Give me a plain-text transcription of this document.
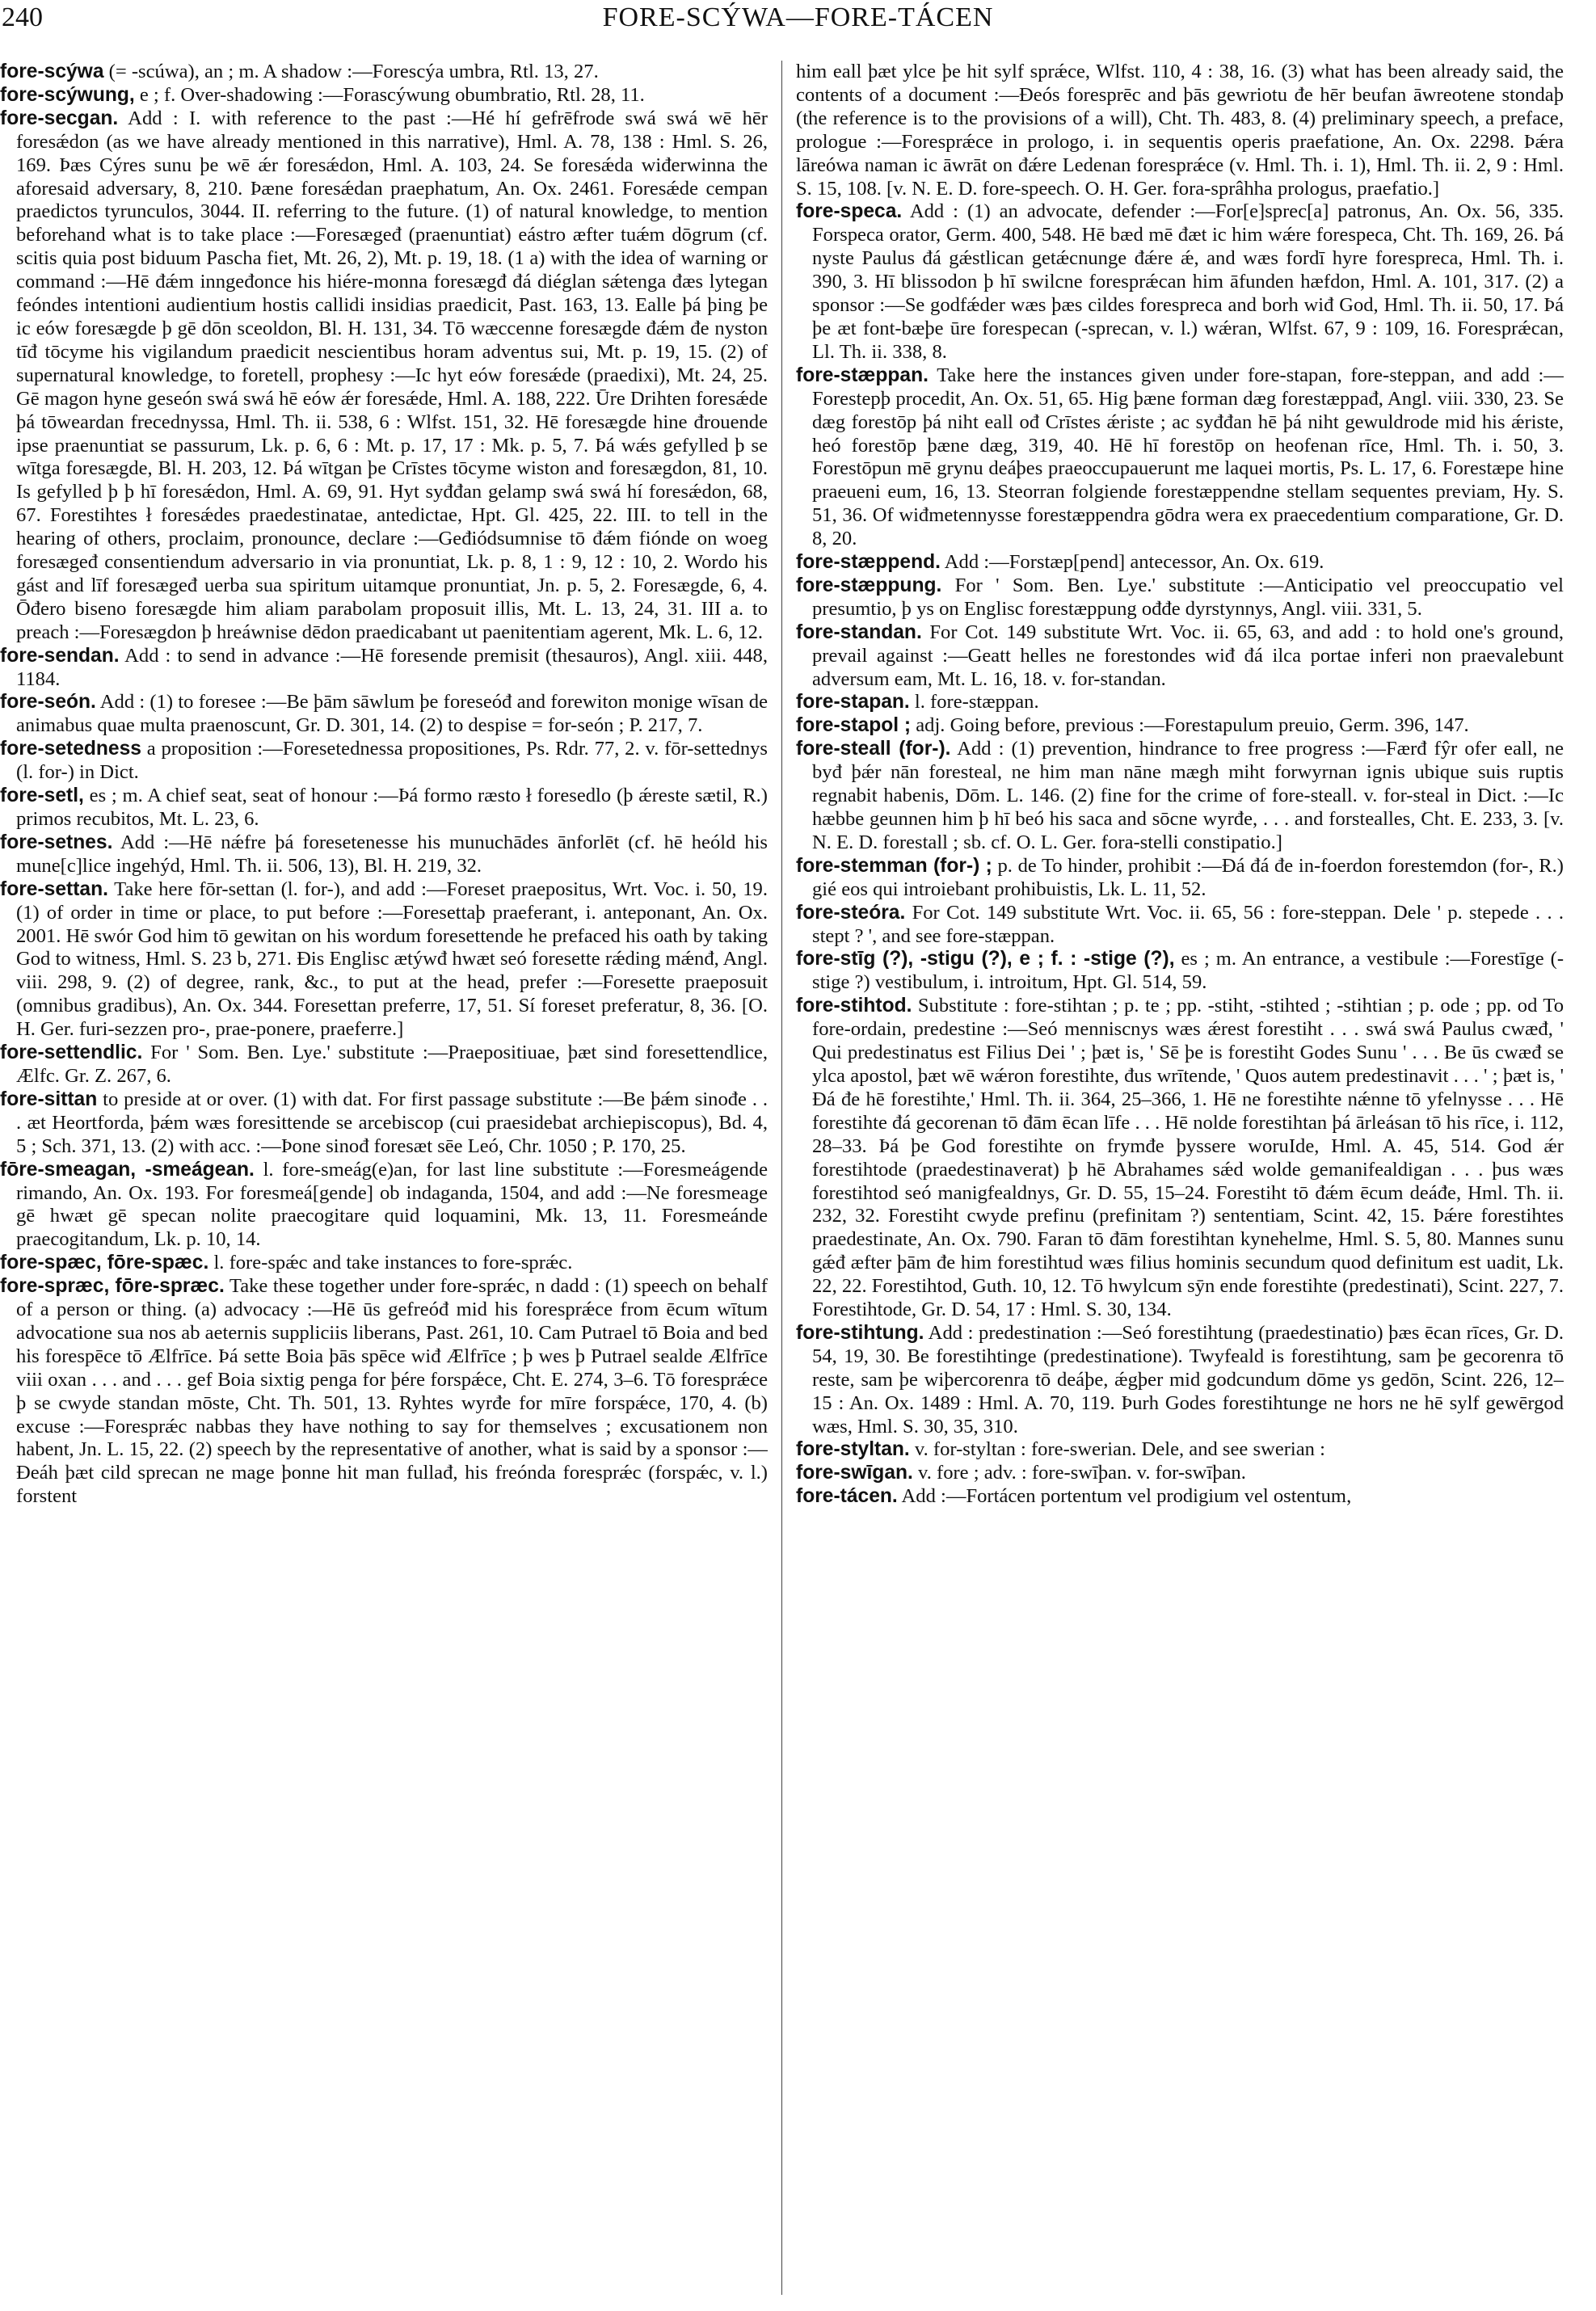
240	FORE-SCÝWA—FORE-TÁCEN

fore-scýwa (= -scúwa), an ; m. A shadow :—Forescýa umbra, Rtl. 13, 27.

fore-scýwung, e ; f. Over-shadowing :—Forascýwung obumbratio, Rtl. 28, 11.

fore-secgan. Add : I. with reference to the past :—Hé hí gefrēfrode swá swá wē hēr foresǽdon (as we have already mentioned in this narrative), Hml. A. 78, 138 : Hml. S. 26, 169. Þæs Cýres sunu þe wē ǽr foresǽdon, Hml. A. 103, 24. Se foresǽda wiđerwinna the aforesaid adversary, 8, 210. Þæne foresǽdan praephatum, An. Ox. 2461. Foresǽde cempan praedictos tyrunculos, 3044. II. referring to the future. (1) of natural knowledge, to mention beforehand what is to take place :—Foresægeđ (praenuntiat) eástro æfter tuǽm dōgrum (cf. scitis quia post biduum Pascha fiet, Mt. 26, 2), Mt. p. 19, 18. (1 a) with the idea of warning or command :—Hē đǽm inngeđonce his hiérе-monna foresægđ đá diéglan sǽtenga đæs lytegan feóndes intentioni audientium hostis callidi insidias praedicit, Past. 163, 13. Ealle þá þing þe ic eów foresægde þ gē dōn sceoldon, Bl. H. 131, 34. Tō wæccenne foresægde đǽm đe nyston tīđ tōcyme his vigilandum praedicit nescientibus horam adventus sui, Mt. p. 19, 15. (2) of supernatural knowledge, to foretell, prophesy :—Ic hyt eów foresǽde (praedixi), Mt. 24, 25. Gē magon hyne geseón swá swá hē eów ǽr foresǽde, Hml. A. 188, 222. Ūre Drihten foresǽde þá tōweardan frecednyssa, Hml. Th. ii. 538, 6 : Wlfst. 151, 32. Hē foresægde hine đrouende ipse praenuntiat se passurum, Lk. p. 6, 6 : Mt. p. 17, 17 : Mk. p. 5, 7. Þá wǽs gefylled þ se wītga foresægde, Bl. H. 203, 12. Þá wītgan þe Crīstes tōcyme wiston and foresægdon, 81, 10. Is gefylled þ þ hī foresǽdon, Hml. A. 69, 91. Hyt syđđan gelamp swá swá hí foresǽdon, 68, 67. Forestihtes ł foresǽdes praedestinatae, antedictae, Hpt. Gl. 425, 22. III. to tell in the hearing of others, proclaim, pronounce, declare :—Geđiódsumnise tō đǽm fiónde on woeg foresægeđ consentiendum adversario in via pronuntiat, Lk. p. 8, 1 : 9, 12 : 10, 2. Wordo his gást and līf foresægeđ uerba sua spiritum uitamque pronuntiat, Jn. p. 5, 2. Foresægde, 6, 4. Ōđero biseno foresægde him aliam parabolam proposuit illis, Mt. L. 13, 24, 31. III a. to preach :—Foresægdon þ hreáwnise dēdon praedicabant ut paenitentiam agerent, Mk. L. 6, 12.

fore-sendan. Add : to send in advance :—Hē foresende premisit (thesauros), Angl. xiii. 448, 1184.

fore-seón. Add : (1) to foresee :—Be þām sāwlum þe foreseóđ and forewiton monige wīsan de animabus quae multa praenoscunt, Gr. D. 301, 14. (2) to despise = for-seón ; P. 217, 7.

fore-setedness a proposition :—Foresetednessa propositiones, Ps. Rdr. 77, 2. v. fōr-settednys (l. for-) in Dict.

fore-setl, es ; m. A chief seat, seat of honour :—Þá formo ræsto ł foresedlo (þ ǽreste sætil, R.) primos recubitos, Mt. L. 23, 6.

fore-setnes. Add :—Hē nǽfre þá foresetenesse his munuchādes ānforlēt (cf. hē heóld his mune[c]lice ingehýd, Hml. Th. ii. 506, 13), Bl. H. 219, 32.

fore-settan. Take here fōr-settan (l. for-), and add :—Foreset praepositus, Wrt. Voc. i. 50, 19. (1) of order in time or place, to put before :—Foresettaþ praeferant, i. anteponant, An. Ox. 2001. Hē swór God him tō gewitan on his wordum foresettende he prefaced his oath by taking God to witness, Hml. S. 23 b, 271. Đis Englisc ætýwđ hwæt seó foresette rǽding mǽnđ, Angl. viii. 298, 9. (2) of degree, rank, &c., to put at the head, prefer :—Foresette praeposuit (omnibus gradibus), An. Ox. 344. Foresettan preferre, 17, 51. Sí foreset preferatur, 8, 36. [O. H. Ger. furi-sezzen pro-, prae-ponere, praeferre.]

fore-settendlic. For ' Som. Ben. Lye.' substitute :—Praepositiuae, þæt sind foresettendlice, Ælfc. Gr. Z. 267, 6.

fore-sittan to preside at or over. (1) with dat. For first passage substitute :—Be þǽm sinođe . . . æt Heortforda, þǽm wæs foresittende se arcebiscop (cui praesidebat archiepiscopus), Bd. 4, 5 ; Sch. 371, 13. (2) with acc. :—Þone sinođ foresæt sēe Leó, Chr. 1050 ; P. 170, 25.

fōre-smeagan, -smeágean. l. fore-smeág(e)an, for last line substitute :—Foresmeágende rimando, An. Ox. 193. For foresmeá[gende] ob indaganda, 1504, and add :—Ne foresmeage gē hwæt gē specan nolite praecogitare quid loquamini, Mk. 13, 11. Foresmeánde praecogitandum, Lk. p. 10, 14.

fore-spæc, fōre-spæc. l. fore-spǽc and take instances to fore-sprǽc.

fore-spræc, fōre-spræc. Take these together under fore-sprǽc, n dadd : (1) speech on behalf of a person or thing. (a) advocacy :—Hē ūs gefreóđ mid his foresprǽce from ēcum wītum advocatione sua nos ab aeternis suppliciis liberans, Past. 261, 10. Cam Putrael tō Boia and bed his forespēce tō Ælfrīce. Þá sette Boia þās spēce wiđ Ælfrīce ; þ wes þ Putrael sealde Ælfrīce viii oxan . . . and . . . gef Boia sixtig penga for þére forspǽce, Cht. E. 274, 3–6. Tō foresprǽce þ se cwyde standan mōste, Cht. Th. 501, 13. Ryhtes wyrđe for mīre forspǽce, 170, 4. (b) excuse :—Foresprǽc nabbas they have nothing to say for themselves ; excusationem non habent, Jn. L. 15, 22. (2) speech by the representative of another, what is said by a sponsor :—Đeáh þæt cild sprecan ne mage þonne hit man fullađ, his freónda foresprǽc (forspǽc, v. l.) forstent

him eall þæt ylce þe hit sylf sprǽce, Wlfst. 110, 4 : 38, 16. (3) what has been already said, the contents of a document :—Đeós foresprēc and þās gewriotu đe hēr beufan āwreotene stondaþ (the reference is to the provisions of a will), Cht. Th. 483, 8. (4) preliminary speech, a preface, prologue :—Foresprǽce in prologo, i. in sequentis operis praefatione, An. Ox. 2298. Þǽra lāreówa naman ic āwrāt on đǽre Ledenan foresprǽce (v. Hml. Th. i. 1), Hml. Th. ii. 2, 9 : Hml. S. 15, 108. [v. N. E. D. fore-speech. O. H. Ger. fora-sprâhha prologus, praefatio.]

fore-speca. Add : (1) an advocate, defender :—For[e]sprec[a] patronus, An. Ox. 56, 335. Forspeca orator, Germ. 400, 548. Hē bæd mē đæt ic him wǽre forespeca, Cht. Th. 169, 26. Þá nyste Paulus đá gǽstlican getǽcnunge đǽre ǽ, and wæs fordī hyre forespreca, Hml. Th. i. 390, 3. Hī blissodon þ hī swilcne foresprǽcan him āfunden hæfdon, Hml. A. 101, 317. (2) a sponsor :—Se godfǽder wæs þæs cildes forespreca and borh wiđ God, Hml. Th. ii. 50, 17. Þá þe æt font-bæþe ūre forespecan (-sprecan, v. l.) wǽran, Wlfst. 67, 9 : 109, 16. Foresprǽcan, Ll. Th. ii. 338, 8.

fore-stæppan. Take here the instances given under fore-stapan, fore-steppan, and add :—Forestepþ procedit, An. Ox. 51, 65. Hig þæne forman dæg forestæppađ, Angl. viii. 330, 23. Se dæg forestōp þá niht eall ođ Crīstes ǽriste ; ac syđđan hē þá niht gewuldrode mid his ǽriste, heó forestōp þæne dæg, 319, 40. Hē hī forestōp on heofenan rīce, Hml. Th. i. 50, 3. Forestōpun mē grynu deáþes praeoccupauerunt me laquei mortis, Ps. L. 17, 6. Forestæpe hine praeueni eum, 16, 13. Steorran folgiende forestæppendne stellam sequentes previam, Hy. S. 51, 36. Of wiđmetennysse forestæppendra gōdra wera ex praecedentium comparatione, Gr. D. 8, 20.

fore-stæppend. Add :—Forstæp[pend] antecessor, An. Ox. 619.

fore-stæppung. For ' Som. Ben. Lye.' substitute :—Anticipatio vel preoccupatio vel presumtio, þ ys on Englisc forestæppung ođđe dyrstynnys, Angl. viii. 331, 5.

fore-standan. For Cot. 149 substitute Wrt. Voc. ii. 65, 63, and add : to hold one's ground, prevail against :—Geatt helles ne forestondes wiđ đá ilca portae inferi non praevalebunt adversum eam, Mt. L. 16, 18. v. for-standan.

fore-stapan. l. fore-stæppan.

fore-stapol ; adj. Going before, previous :—Forestapulum preuio, Germ. 396, 147.

fore-steall (for-). Add : (1) prevention, hindrance to free progress :—Færđ fŷr ofer eall, ne byđ þǽr nān foresteal, ne him man nāne mægh miht forwyrnan ignis ubique suis ruptis regnabit habenis, Dōm. L. 146. (2) fine for the crime of fore-steall. v. for-steal in Dict. :—Ic hæbbe geunnen him þ hī beó his saca and sōcne wyrđe, . . . and forstealles, Cht. E. 233, 3. [v. N. E. D. forestall ; sb. cf. O. L. Ger. fora-stelli constipatio.]

fore-stemman (for-) ; p. de To hinder, prohibit :—Đá đá đe in-foerdon forestemdon (for-, R.) gié eos qui introiebant prohibuistis, Lk. L. 11, 52.

fore-steóra. For Cot. 149 substitute Wrt. Voc. ii. 65, 56 : fore-steppan. Dele ' p. stepede . . . stept ? ', and see fore-stæppan.

fore-stīg (?), -stigu (?), e ; f. : -stige (?), es ; m. An entrance, a vestibule :—Forestīge (-stige ?) vestibulum, i. introitum, Hpt. Gl. 514, 59.

fore-stihtod. Substitute : fore-stihtan ; p. te ; pp. -stiht, -stihted ; -stihtian ; p. ode ; pp. od To fore-ordain, predestine :—Seó menniscnys wæs ǽrest forestiht . . . swá swá Paulus cwæđ, ' Qui predestinatus est Filius Dei ' ; þæt is, ' Sē þe is forestiht Godes Sunu ' . . . Be ūs cwæđ se ylca apostol, þæt wē wǽron forestihte, đus wrītende, ' Quos autem predestinavit . . . ' ; þæt is, ' Đá đe hē forestihte,' Hml. Th. ii. 364, 25–366, 1. Hē ne forestihte nǽnne tō yfelnysse . . . Hē forestihte đá gecorenan tō đām ēcan līfe . . . Hē nolde forestihtan þá ārleásan tō his rīce, i. 112, 28–33. Þá þe God forestihte on frymđe þyssere woruIde, Hml. A. 45, 514. God ǽr forestihtode (praedestinaverat) þ hē Abrahames sǽd wolde gemanifealdigan . . . þus wæs forestihtod seó manigfealdnys, Gr. D. 55, 15–24. Forestiht tō đǽm ēcum deáđe, Hml. Th. ii. 232, 32. Forestiht cwyde prefinu (prefinitam ?) sententiam, Scint. 42, 15. Þǽre forestihtes praedestinate, An. Ox. 790. Faran tō đām forestihtan kynehelme, Hml. S. 5, 80. Mannes sunu gǽđ æfter þām đe him forestihtud wæs filius hominis secundum quod definitum est uadit, Lk. 22, 22. Forestihtod, Guth. 10, 12. Tō hwylcum sȳn ende forestihte (predestinati), Scint. 227, 7. Forestihtode, Gr. D. 54, 17 : Hml. S. 30, 134.

fore-stihtung. Add : predestination :—Seó forestihtung (praedestinatio) þæs ēcan rīces, Gr. D. 54, 19, 30. Be forestihtinge (predestinatione). Twyfeald is forestihtung, sam þe gecorenra tō reste, sam þe wiþercorenra tō deáþe, ǽgþer mid godcundum dōme ys gedōn, Scint. 226, 12–15 : An. Ox. 1489 : Hml. A. 70, 119. Þurh Godes forestihtunge ne hors ne hē sylf gewērgod wæs, Hml. S. 30, 35, 310.

fore-styltan. v. for-styltan : fore-swerian. Dele, and see swerian :

fore-swīgan. v. fore ; adv. : fore-swīþan. v. for-swīþan.

fore-tácen. Add :—Fortácen portentum vel prodigium vel ostentum,
